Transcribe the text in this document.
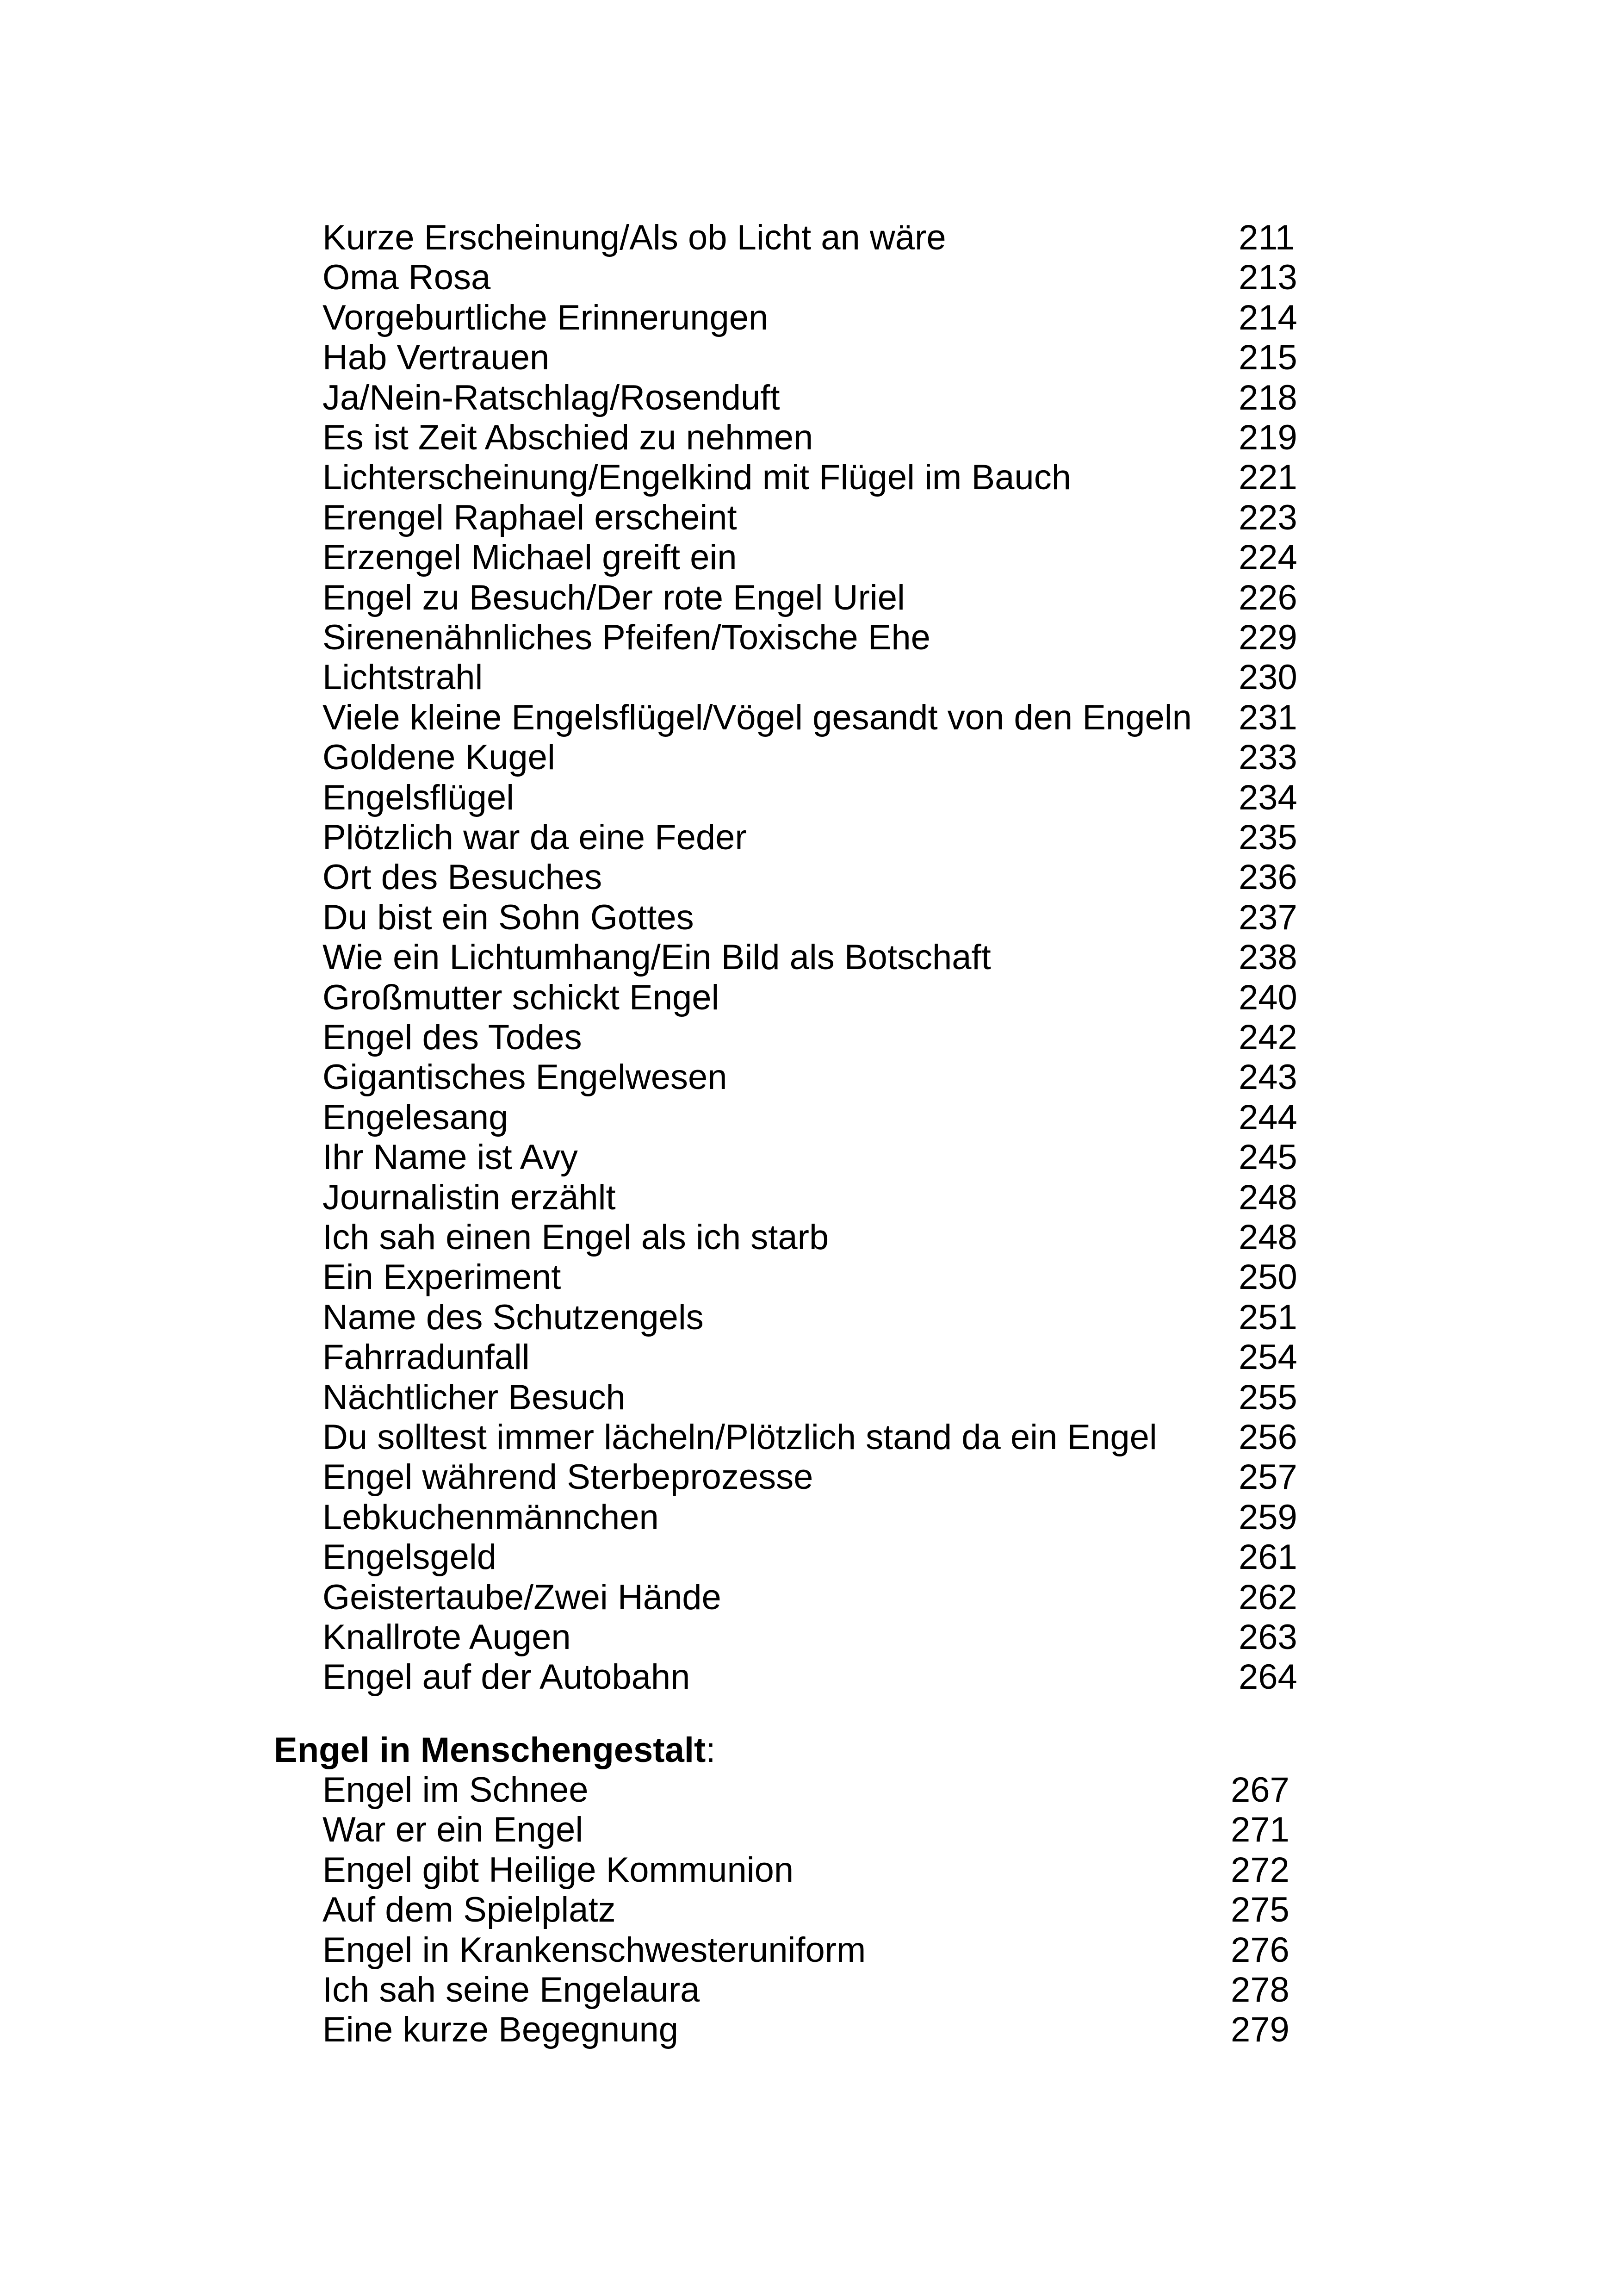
Kurze Erscheinung/Als ob Licht an wäre	211
Oma Rosa	213
Vorgeburtliche Erinnerungen	214
Hab Vertrauen	215
Ja/Nein-Ratschlag/Rosenduft	218
Es ist Zeit Abschied zu nehmen	219
Lichterscheinung/Engelkind mit Flügel im Bauch	221
Erengel Raphael erscheint	223
Erzengel Michael greift ein	224
Engel zu Besuch/Der rote Engel Uriel	226
Sirenenähnliches Pfeifen/Toxische Ehe	229
Lichtstrahl	230
Viele kleine Engelsflügel/Vögel gesandt von den Engeln 231
Goldene Kugel	233
Engelsflügel	234
Plötzlich war da eine Feder	235
Ort des Besuches	236
Du bist ein Sohn Gottes	237
Wie ein Lichtumhang/Ein Bild als Botschaft	238
Großmutter schickt Engel	240
Engel des Todes	242
Gigantisches Engelwesen	243
Engelesang	244
Ihr Name ist Avy	245
Journalistin erzählt	248
Ich sah einen Engel als ich starb	248
Ein Experiment	250
Name des Schutzengels	251
Fahrradunfall	254
Nächtlicher Besuch	255
Du solltest immer lächeln/Plötzlich stand da ein Engel 256
Engel während Sterbeprozesse	257
Lebkuchenmännchen	259
Engelsgeld	261
Geistertaube/Zwei Hände	262
Knallrote Augen	263
Engel auf der Autobahn	264
Engel in Menschengestalt:
Engel im Schnee	267
War er ein Engel	271
Engel gibt Heilige Kommunion	272
Auf dem Spielplatz	275
Engel in Krankenschwesteruniform	276
Ich sah seine Engelaura	278
Eine kurze Begegnung	279
